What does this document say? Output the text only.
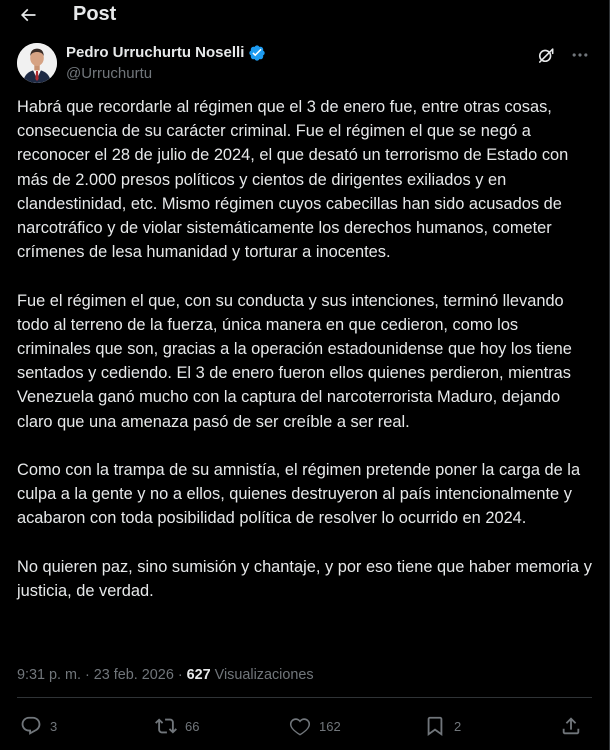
Post
Pedro Urruchurtu Noselli
@Urruchurtu

Habrá que recordarle al régimen que el 3 de enero fue, entre otras cosas, consecuencia de su carácter criminal. Fue el régimen el que se negó a reconocer el 28 de julio de 2024, el que desató un terrorismo de Estado con más de 2.000 presos políticos y cientos de dirigentes exiliados y en clandestinidad, etc. Mismo régimen cuyos cabecillas han sido acusados de narcotráfico y de violar sistemáticamente los derechos humanos, cometer crímenes de lesa humanidad y torturar a inocentes.

Fue el régimen el que, con su conducta y sus intenciones, terminó llevando todo al terreno de la fuerza, única manera en que cedieron, como los criminales que son, gracias a la operación estadounidense que hoy los tiene sentados y cediendo. El 3 de enero fueron ellos quienes perdieron, mientras Venezuela ganó mucho con la captura del narcoterrorista Maduro, dejando claro que una amenaza pasó de ser creíble a ser real.

Como con la trampa de su amnistía, el régimen pretende poner la carga de la culpa a la gente y no a ellos, quienes destruyeron al país intencionalmente y acabaron con toda posibilidad política de resolver lo ocurrido en 2024.

No quieren paz, sino sumisión y chantaje, y por eso tiene que haber memoria y justicia, de verdad.

9:31 p. m. · 23 feb. 2026 · 627 Visualizaciones
3	66	162	2
